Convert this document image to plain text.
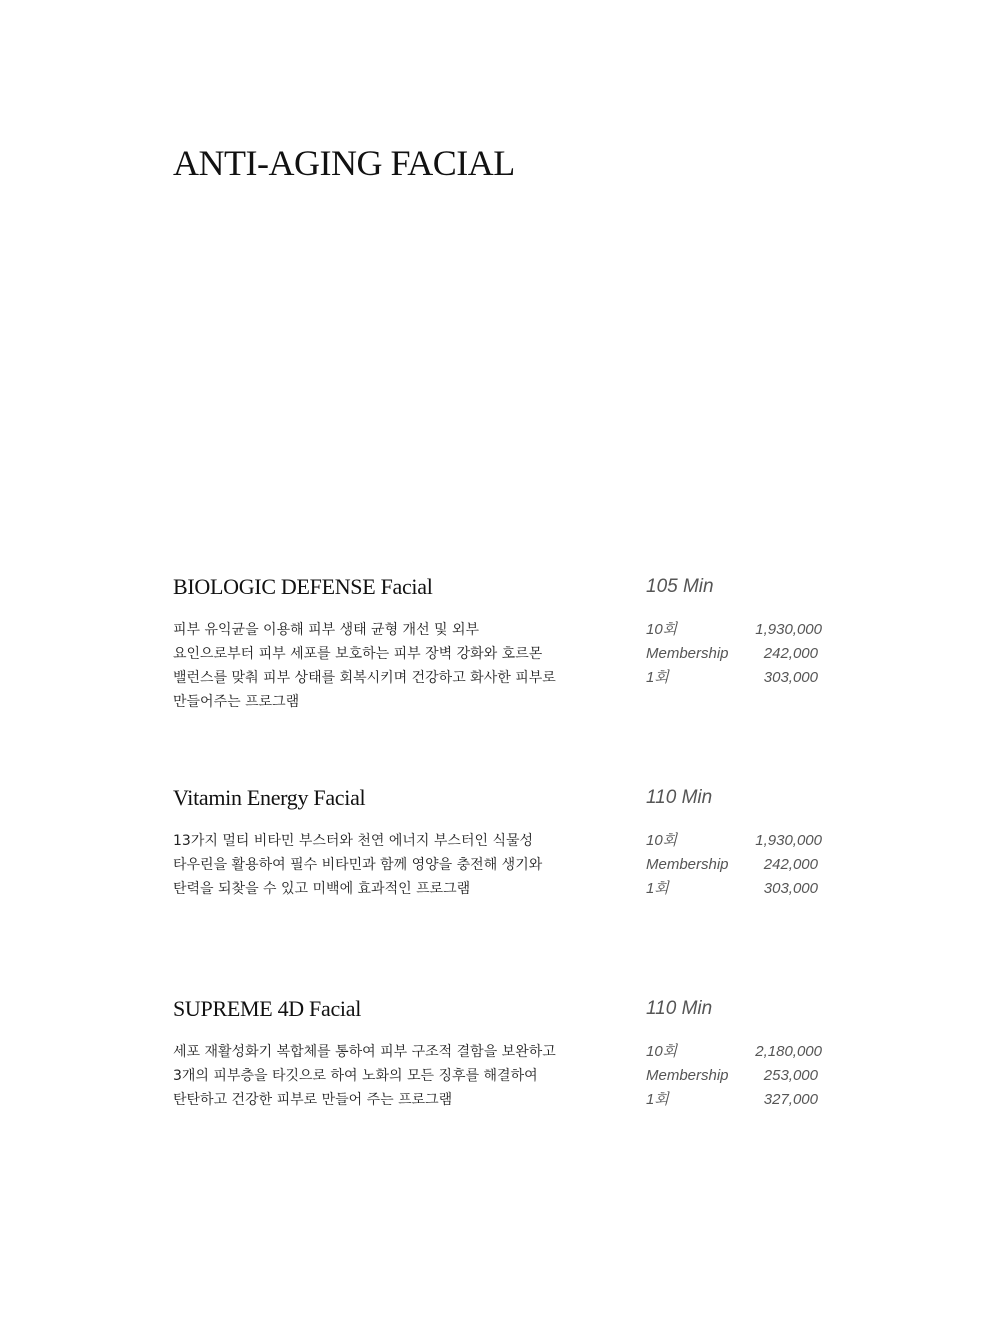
ANTI-AGING FACIAL
BIOLOGIC DEFENSE Facial	105 Min

피부 유익균을 이용해 피부 생태 균형 개선 및 외부 요인으로부터 피부 세포를 보호하는 피부 장벽 강화와 호르몬 밸런스를 맞춰 피부 상태를 회복시키며 건강하고 화사한 피부로 만들어주는 프로그램

10회	1,930,000
Membership 242,000
1회	303,000
Vitamin Energy Facial	110 Min

13가지 멀티 비타민 부스터와 천연 에너지 부스터인 식물성 타우린을 활용하여 필수 비타민과 함께 영양을 충전해 생기와 탄력을 되찾을 수 있고 미백에 효과적인 프로그램

10회	1,930,000
Membership 242,000
1회	303,000
SUPREME 4D Facial	110 Min

세포 재활성화기 복합체를 통하여 피부 구조적 결함을 보완하고 3개의 피부층을 타깃으로 하여 노화의 모든 징후를 해결하여 탄탄하고 건강한 피부로 만들어 주는 프로그램

10회	2,180,000
Membership 253,000
1회	327,000
